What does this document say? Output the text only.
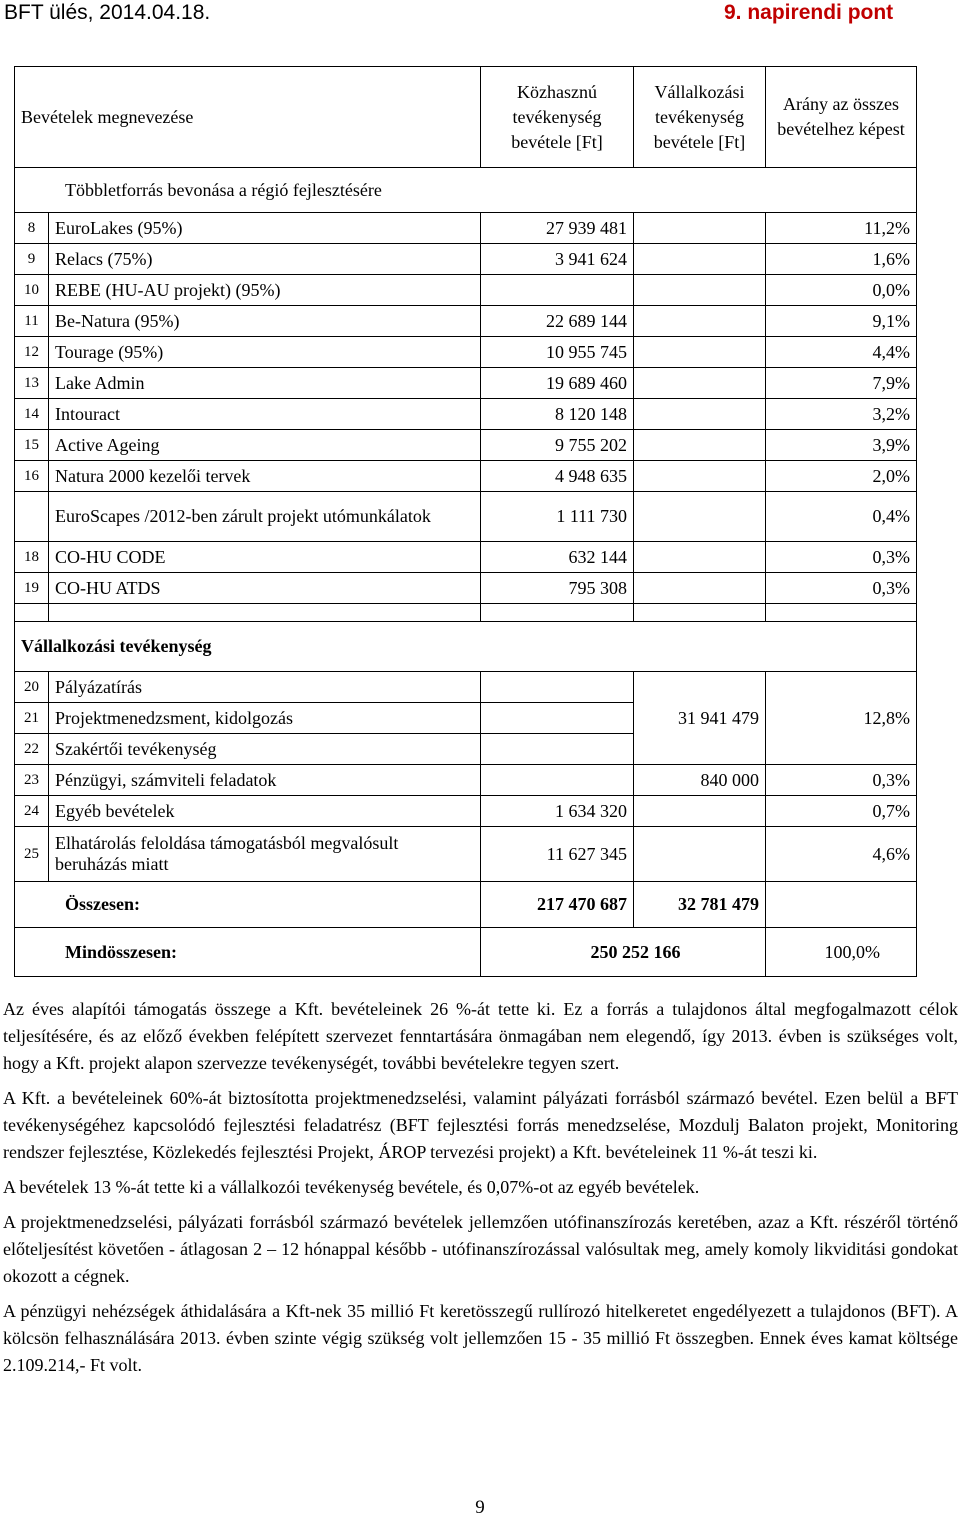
BFT ülés, 2014.04.18.	9. napirendi pont
Bevételek megnevezése		Közhasznú tevékenység bevétele [Ft]	Vállalkozási tevékenység bevétele [Ft]	Arány az összes bevételhez képest
Többletforrás bevonása a régió fejlesztésére				
8	EuroLakes (95%)	27 939 481		11,2%
9	Relacs (75%)	3 941 624		1,6%
10	REBE (HU-AU projekt) (95%)			0,0%
11	Be-Natura (95%)	22 689 144		9,1%
12	Tourage (95%)	10 955 745		4,4%
13	Lake Admin	19 689 460		7,9%
14	Intouract	8 120 148		3,2%
15	Active Ageing	9 755 202		3,9%
16	Natura 2000 kezelői tervek	4 948 635		2,0%
	EuroScapes /2012-ben zárult projekt utómunkálatok	1 111 730		0,4%
18	CO-HU CODE	632 144		0,3%
19	CO-HU ATDS	795 308		0,3%

Vállalkozási tevékenység				
20	Pályázatírás		31 941 479	12,8%
21	Projektmenedzsment, kidolgozás			
22	Szakértői tevékenység			
23	Pénzügyi, számviteli feladatok		840 000	0,3%
24	Egyéb bevételek	1 634 320		0,7%
25	Elhatárolás feloldása támogatásból megvalósult beruházás miatt	11 627 345		4,6%
Összesen:		217 470 687	32 781 479	
Mindösszesen:		250 252 166		100,0%

Az éves alapítói támogatás összege a Kft. bevételeinek 26 %-át tette ki. Ez a forrás a tulajdonos által megfogalmazott célok teljesítésére, és az előző években felépített szervezet fenntartására önmagában nem elegendő, így 2013. évben is szükséges volt, hogy a Kft. projekt alapon szervezze tevékenységét, további bevételekre tegyen szert.

A Kft. a bevételeinek 60%-át biztosította projektmenedzselési, valamint pályázati forrásból származó bevétel. Ezen belül a BFT tevékenységéhez kapcsolódó fejlesztési feladatrész (BFT fejlesztési forrás menedzselése, Mozdulj Balaton projekt, Monitoring rendszer fejlesztése, Közlekedés fejlesztési Projekt, ÁROP tervezési projekt) a Kft. bevételeinek 11 %-át teszi ki.

A bevételek 13 %-át tette ki a vállalkozói tevékenység bevétele, és 0,07%-ot az egyéb bevételek.

A projektmenedzselési, pályázati forrásból származó bevételek jellemzően utófinanszírozás keretében, azaz a Kft. részéről történő előteljesítést követően - átlagosan 2 – 12 hónappal később - utófinanszírozással valósultak meg, amely komoly likviditási gondokat okozott a cégnek.

A pénzügyi nehézségek áthidalására a Kft-nek 35 millió Ft keretösszegű rullírozó hitelkeretet engedélyezett a tulajdonos (BFT). A kölcsön felhasználására 2013. évben szinte végig szükség volt jellemzően 15 - 35 millió Ft összegben. Ennek éves kamat költsége 2.109.214,- Ft volt.

9
